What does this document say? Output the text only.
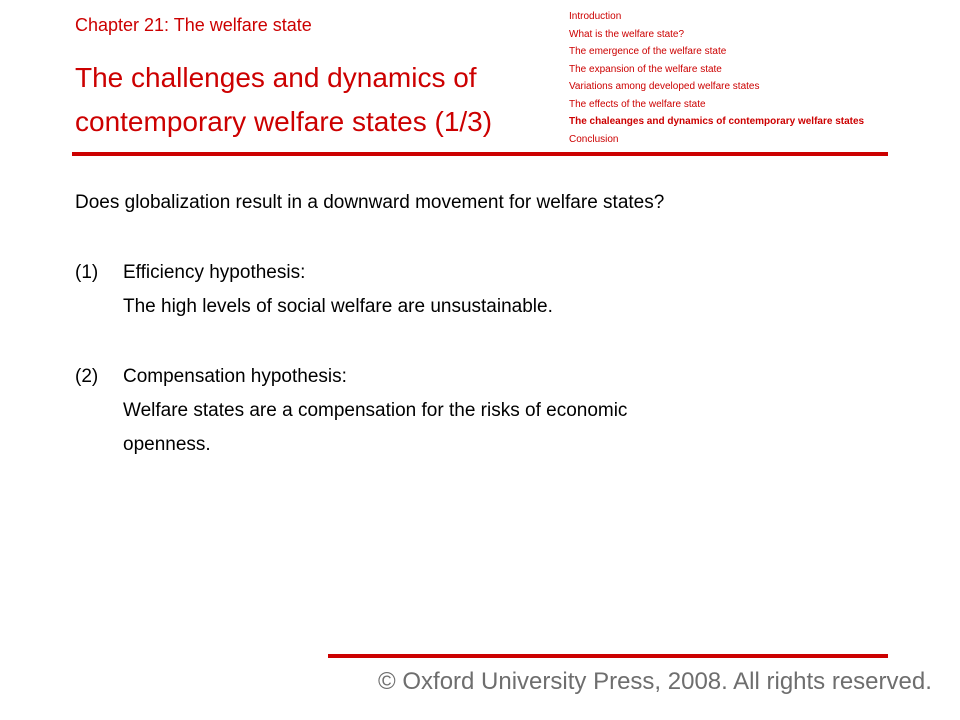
Chapter 21: The welfare state
The challenges and dynamics of
contemporary welfare states (1/3)
Introduction
What is the welfare state?
The emergence of the welfare state
The expansion of the welfare state
Variations among developed welfare states
The effects of the welfare state
The chaleanges and dynamics of contemporary welfare states
Conclusion
Does globalization result in a downward movement for welfare states?
(1) Efficiency hypothesis:
The high levels of social welfare are unsustainable.
(2) Compensation hypothesis:
Welfare states are a compensation for the risks of economic
openness.
© Oxford University Press, 2008. All rights reserved.
